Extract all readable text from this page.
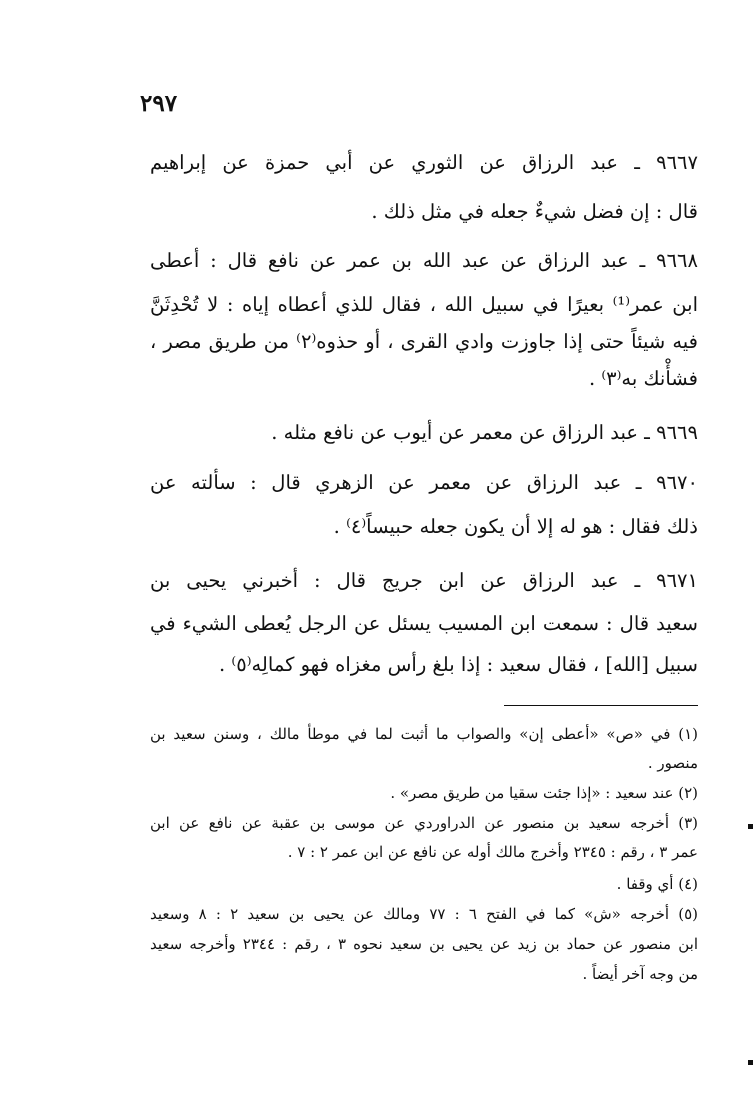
٢٩٧
٩٦٦٧ ـ عبد الرزاق عن الثوري عن أبي حمزة عن إبراهيم
قال : إن فضل شيءٌ جعله في مثل ذلك .
٩٦٦٨ ـ عبد الرزاق عن عبد الله بن عمر عن نافع قال : أعطى
ابن عمر⁽¹⁾ بعيرًا في سبيل الله ، فقال للذي أعطاه إياه : لا تُحْدِثَنَّ
فيه شيئاً حتى إذا جاوزت وادي القرى ، أو حذوه⁽٢⁾ من طريق مصر ،
فشأْنك به⁽٣⁾ .
٩٦٦٩ ـ عبد الرزاق عن معمر عن أيوب عن نافع مثله .
٩٦٧٠ ـ عبد الرزاق عن معمر عن الزهري قال : سألته عن
ذلك فقال : هو له إلا أن يكون جعله حبيساً⁽٤⁾ .
٩٦٧١ ـ عبد الرزاق عن ابن جريج قال : أخبرني يحيى بن
سعيد قال : سمعت ابن المسيب يسئل عن الرجل يُعطى الشيء في
سبيل [الله] ، فقال سعيد : إذا بلغ رأس مغزاه فهو كمالِه⁽٥⁾ .
(١) في «ص» «أعطى إن» والصواب ما أثبت لما في موطأ مالك ، وسنن سعيد بن
منصور .
(٢) عند سعيد : «إذا جئت سقيا من طريق مصر» .
(٣) أخرجه سعيد بن منصور عن الدراوردي عن موسى بن عقبة عن نافع عن ابن
عمر ٣ ، رقم : ٢٣٤٥ وأخرج مالك أوله عن نافع عن ابن عمر ٢ : ٧ .
(٤) أي وقفا .
(٥) أخرجه «ش» كما في الفتح ٦ : ٧٧ ومالك عن يحيى بن سعيد ٢ : ٨ وسعيد
ابن منصور عن حماد بن زيد عن يحيى بن سعيد نحوه ٣ ، رقم : ٢٣٤٤ وأخرجه سعيد
من وجه آخر أيضاً .
